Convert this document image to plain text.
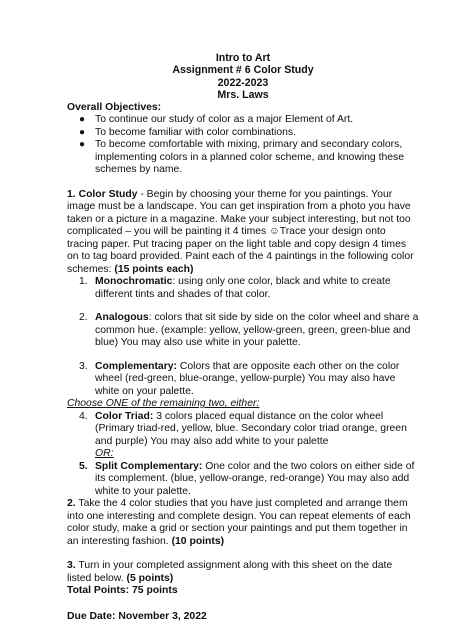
Intro to Art
Assignment # 6 Color Study
2022-2023
Mrs. Laws
Overall Objectives:
● To continue our study of color as a major Element of Art.
● To become familiar with color combinations.
● To become comfortable with mixing, primary and secondary colors, implementing colors in a planned color scheme, and knowing these schemes by name.
1. Color Study - Begin by choosing your theme for you paintings. Your image must be a landscape. You can get inspiration from a photo you have taken or a picture in a magazine. Make your subject interesting, but not too complicated – you will be painting it 4 times ☺Trace your design onto tracing paper. Put tracing paper on the light table and copy design 4 times on to tag board provided. Paint each of the 4 paintings in the following color schemes: (15 points each)
1. Monochromatic: using only one color, black and white to create different tints and shades of that color.
2. Analogous: colors that sit side by side on the color wheel and share a common hue. (example: yellow, yellow-green, green, green-blue and blue) You may also use white in your palette.
3. Complementary: Colors that are opposite each other on the color wheel (red-green, blue-orange, yellow-purple) You may also have white on your palette.
Choose ONE of the remaining two, either:
4. Color Triad: 3 colors placed equal distance on the color wheel (Primary triad-red, yellow, blue. Secondary color triad orange, green and purple) You may also add white to your palette
OR:
5. Split Complementary: One color and the two colors on either side of its complement. (blue, yellow-orange, red-orange) You may also add white to your palette.
2. Take the 4 color studies that you have just completed and arrange them into one interesting and complete design. You can repeat elements of each color study, make a grid or section your paintings and put them together in an interesting fashion. (10 points)
3. Turn in your completed assignment along with this sheet on the date listed below. (5 points)
Total Points: 75 points
Due Date: November 3, 2022
